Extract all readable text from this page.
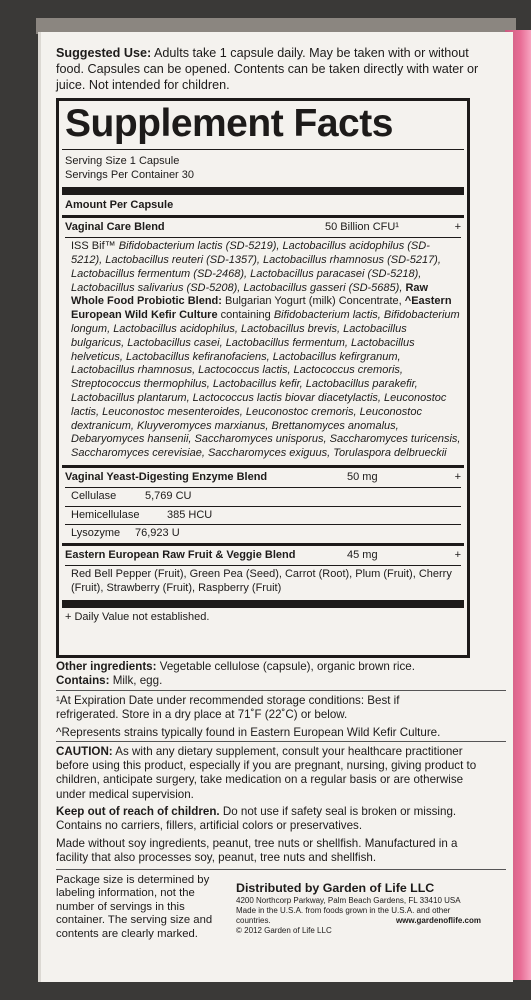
Suggested Use: Adults take 1 capsule daily. May be taken with or without food. Capsules can be opened. Contents can be taken directly with water or juice. Not intended for children.
Supplement Facts
Serving Size 1 Capsule
Servings Per Container 30
Amount Per Capsule
Vaginal Care Blend	50 Billion CFU¹	+
ISS Bif™ Bifidobacterium lactis (SD-5219), Lactobacillus acidophilus (SD-5212), Lactobacillus reuteri (SD-1357), Lactobacillus rhamnosus (SD-5217), Lactobacillus fermentum (SD-2468), Lactobacillus paracasei (SD-5218), Lactobacillus salivarius (SD-5208), Lactobacillus gasseri (SD-5685), Raw Whole Food Probiotic Blend: Bulgarian Yogurt (milk) Concentrate, ^Eastern European Wild Kefir Culture containing Bifidobacterium lactis, Bifidobacterium longum, Lactobacillus acidophilus, Lactobacillus brevis, Lactobacillus bulgaricus, Lactobacillus casei, Lactobacillus fermentum, Lactobacillus helveticus, Lactobacillus kefiranofaciens, Lactobacillus kefirgranum, Lactobacillus rhamnosus, Lactococcus lactis, Lactococcus cremoris, Streptococcus thermophilus, Lactobacillus kefir, Lactobacillus parakefir, Lactobacillus plantarum, Lactococcus lactis biovar diacetylactis, Leuconostoc lactis, Leuconostoc mesenteroides, Leuconostoc cremoris, Leuconostoc dextranicum, Kluyveromyces marxianus, Brettanomyces anomalus, Debaryomyces hansenii, Saccharomyces unisporus, Saccharomyces turicensis, Saccharomyces cerevisiae, Saccharomyces exiguus, Torulaspora delbrueckii
Vaginal Yeast-Digesting Enzyme Blend	50 mg	+
Cellulase	5,769 CU
Hemicellulase	385 HCU
Lysozyme	76,923 U
Eastern European Raw Fruit & Veggie Blend	45 mg	+
Red Bell Pepper (Fruit), Green Pea (Seed), Carrot (Root), Plum (Fruit), Cherry (Fruit), Strawberry (Fruit), Raspberry (Fruit)
+ Daily Value not established.
Other ingredients: Vegetable cellulose (capsule), organic brown rice.
Contains: Milk, egg.
¹At Expiration Date under recommended storage conditions: Best if refrigerated. Store in a dry place at 71˚F (22˚C) or below.
^Represents strains typically found in Eastern European Wild Kefir Culture.
CAUTION: As with any dietary supplement, consult your healthcare practitioner before using this product, especially if you are pregnant, nursing, giving product to children, anticipate surgery, take medication on a regular basis or are otherwise under medical supervision.
Keep out of reach of children. Do not use if safety seal is broken or missing. Contains no carriers, fillers, artificial colors or preservatives.
Made without soy ingredients, peanut, tree nuts or shellfish. Manufactured in a facility that also processes soy, peanut, tree nuts and shellfish.
Package size is determined by labeling information, not the number of servings in this container. The serving size and contents are clearly marked.
Distributed by Garden of Life LLC
4200 Northcorp Parkway, Palm Beach Gardens, FL 33410 USA
Made in the U.S.A. from foods grown in the U.S.A. and other countries.	www.gardenoflife.com
© 2012 Garden of Life LLC
